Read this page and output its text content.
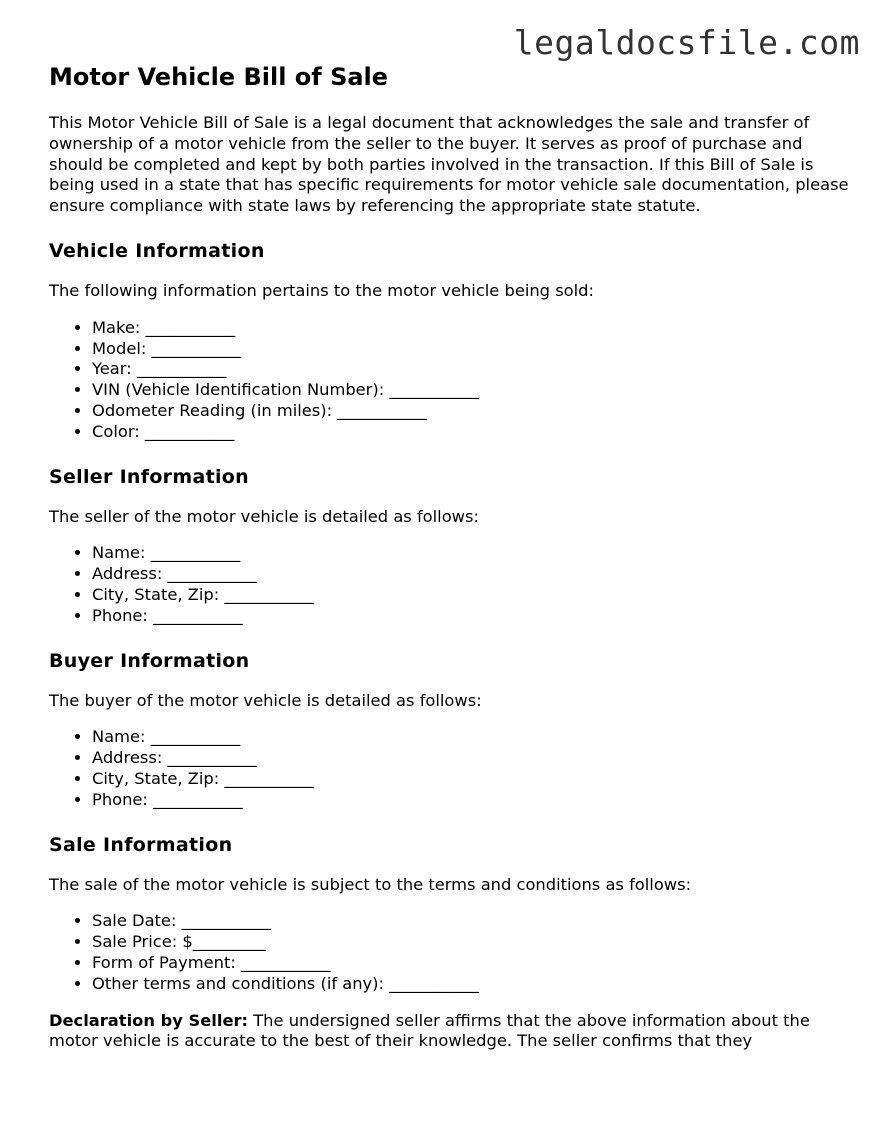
legaldocsfile.com
Motor Vehicle Bill of Sale

This Motor Vehicle Bill of Sale is a legal document that acknowledges the sale and transfer of ownership of a motor vehicle from the seller to the buyer. It serves as proof of purchase and should be completed and kept by both parties involved in the transaction. If this Bill of Sale is being used in a state that has specific requirements for motor vehicle sale documentation, please ensure compliance with state laws by referencing the appropriate state statute.

Vehicle Information

The following information pertains to the motor vehicle being sold:

• Make: ___________
• Model: ___________
• Year: ___________
• VIN (Vehicle Identification Number): ___________
• Odometer Reading (in miles): ___________
• Color: ___________
Seller Information

The seller of the motor vehicle is detailed as follows:

• Name: ___________
• Address: ___________
• City, State, Zip: ___________
• Phone: ___________
Buyer Information

The buyer of the motor vehicle is detailed as follows:

• Name: ___________
• Address: ___________
• City, State, Zip: ___________
• Phone: ___________
Sale Information

The sale of the motor vehicle is subject to the terms and conditions as follows:

• Sale Date: ___________
• Sale Price: $_________
• Form of Payment: ___________
• Other terms and conditions (if any): ___________

Declaration by Seller: The undersigned seller affirms that the above information about the motor vehicle is accurate to the best of their knowledge. The seller confirms that they
